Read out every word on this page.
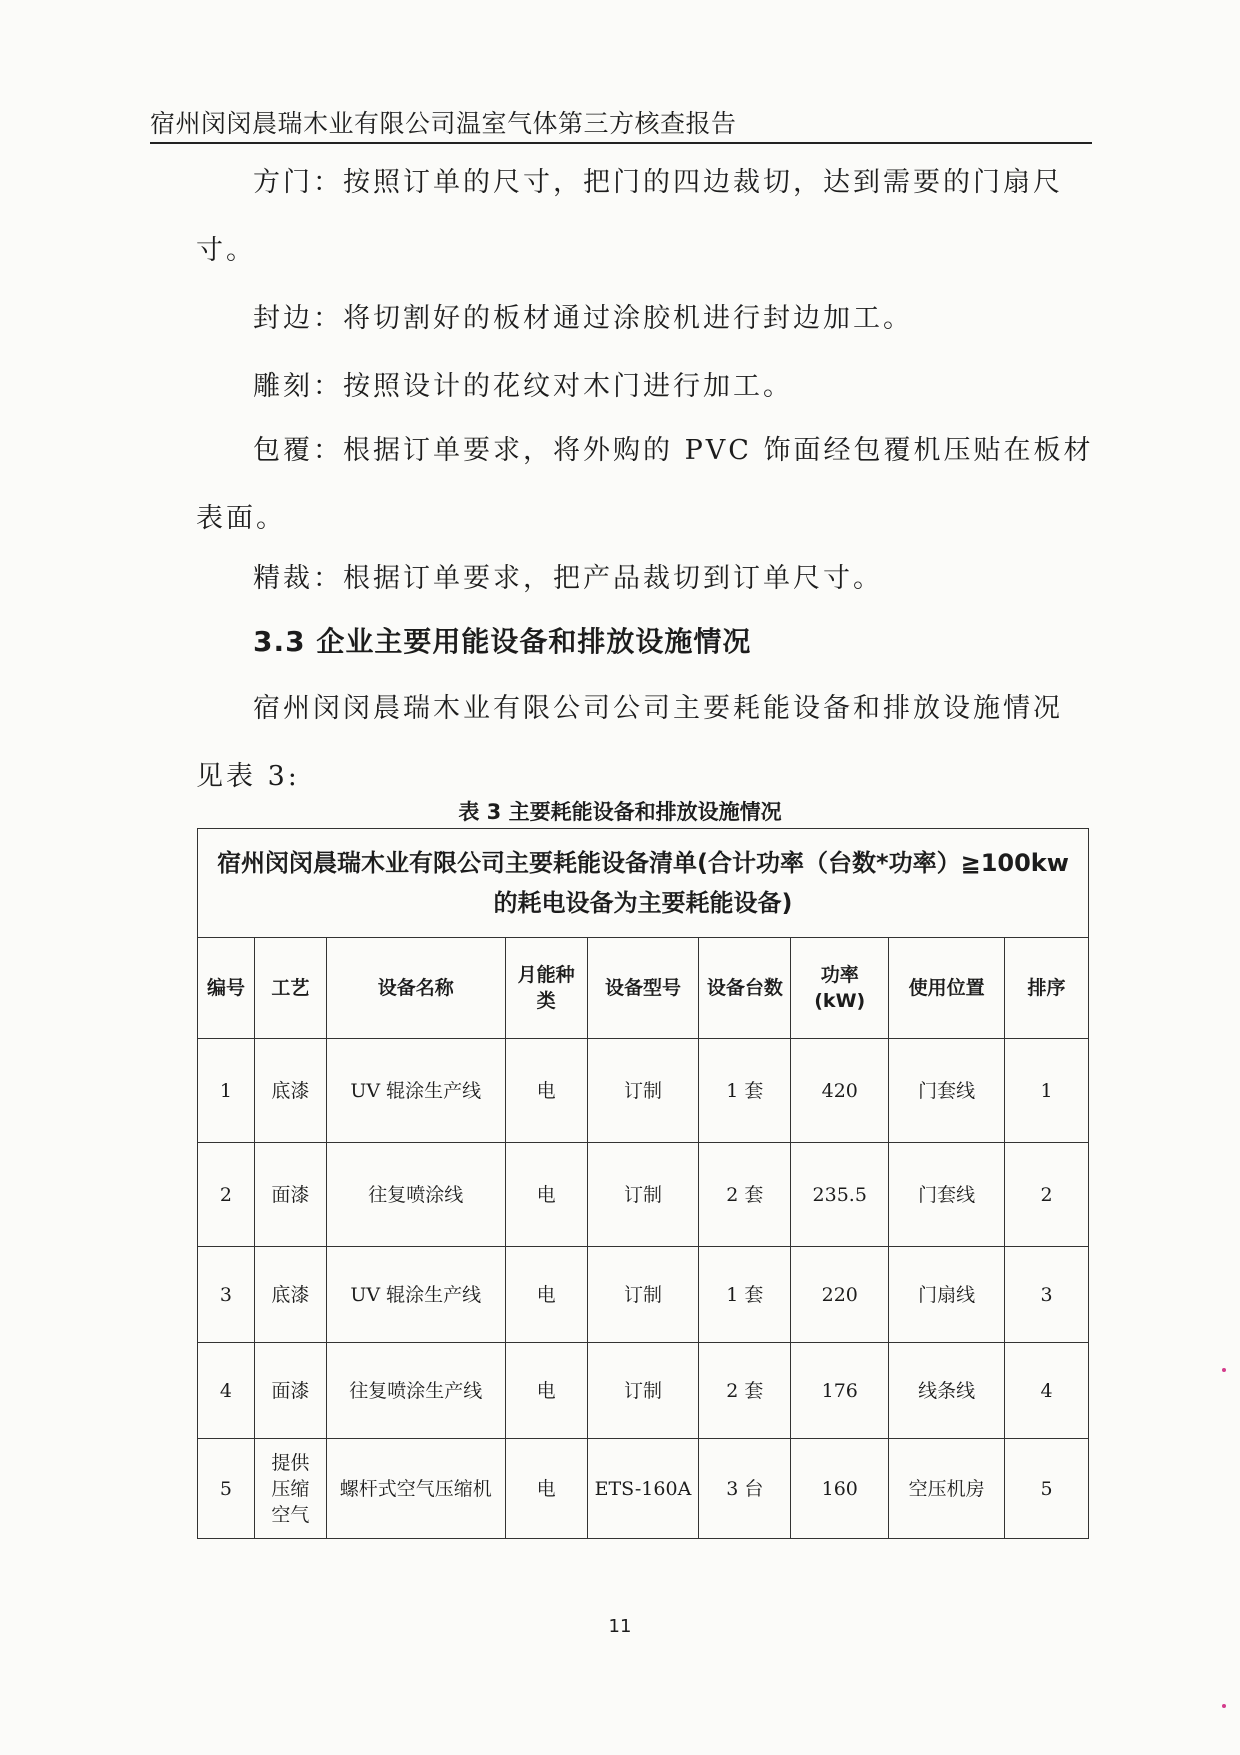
宿州闵闵晨瑞木业有限公司温室气体第三方核查报告
方门：按照订单的尺寸，把门的四边裁切，达到需要的门扇尺
寸。
封边：将切割好的板材通过涂胶机进行封边加工。
雕刻：按照设计的花纹对木门进行加工。
包覆：根据订单要求，将外购的 PVC 饰面经包覆机压贴在板材
表面。
精裁：根据订单要求，把产品裁切到订单尺寸。
3.3 企业主要用能设备和排放设施情况
宿州闵闵晨瑞木业有限公司公司主要耗能设备和排放设施情况
见表 3:
表 3 主要耗能设备和排放设施情况
宿州闵闵晨瑞木业有限公司主要耗能设备清单(合计功率（台数*功率）≧100kw 的耗电设备为主要耗能设备)								
编号	工艺	设备名称	月能种类	设备型号	设备台数	功率(kW)	使用位置	排序
1	底漆	UV 辊涂生产线	电	订制	1 套	420	门套线	1
2	面漆	往复喷涂线	电	订制	2 套	235.5	门套线	2
3	底漆	UV 辊涂生产线	电	订制	1 套	220	门扇线	3
4	面漆	往复喷涂生产线	电	订制	2 套	176	线条线	4
5	提供压缩空气	螺杆式空气压缩机	电	ETS-160A	3 台	160	空压机房	5
11
